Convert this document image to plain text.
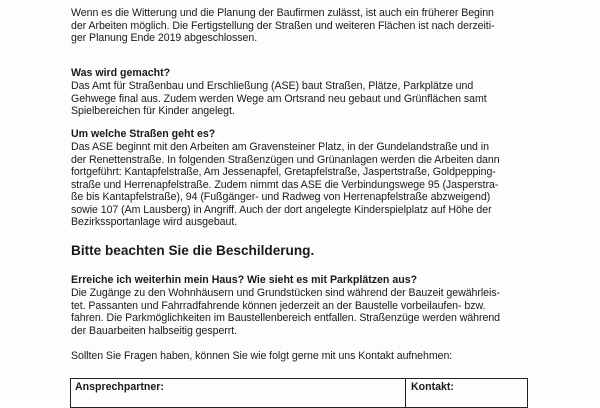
Wenn es die Witterung und die Planung der Baufirmen zulässt, ist auch ein früherer Beginn
der Arbeiten möglich. Die Fertigstellung der Straßen und weiteren Flächen ist nach derzeiti-
ger Planung Ende 2019 abgeschlossen.
Was wird gemacht?
Das Amt für Straßenbau und Erschließung (ASE) baut Straßen, Plätze, Parkplätze und
Gehwege final aus. Zudem werden Wege am Ortsrand neu gebaut und Grünflächen samt
Spielbereichen für Kinder angelegt.
Um welche Straßen geht es?
Das ASE beginnt mit den Arbeiten am Gravensteiner Platz, in der Gundelandstraße und in
der Renettenstraße. In folgenden Straßenzügen und Grünanlagen werden die Arbeiten dann
fortgeführt: Kantapfelstraße, Am Jessenapfel, Gretapfelstraße, Jaspertstraße, Goldpepping-
straße und Herrenapfelstraße. Zudem nimmt das ASE die Verbindungswege 95 (Jasperstra-
ße bis Kantapfelstraße), 94 (Fußgänger- und Radweg von Herrenapfelstraße abzweigend)
sowie 107 (Am Lausberg) in Angriff. Auch der dort angelegte Kinderspielplatz auf Höhe der
Bezirkssportanlage wird ausgebaut.
Bitte beachten Sie die Beschilderung.
Erreiche ich weiterhin mein Haus? Wie sieht es mit Parkplätzen aus?
Die Zugänge zu den Wohnhäusern und Grundstücken sind während der Bauzeit gewährleis-
tet. Passanten und Fahrradfahrende können jederzeit an der Baustelle vorbeilaufen- bzw.
fahren. Die Parkmöglichkeiten im Baustellenbereich entfallen. Straßenzüge werden während
der Bauarbeiten halbseitig gesperrt.
Sollten Sie Fragen haben, können Sie wie folgt gerne mit uns Kontakt aufnehmen:
Ansprechpartner:	Kontakt:
